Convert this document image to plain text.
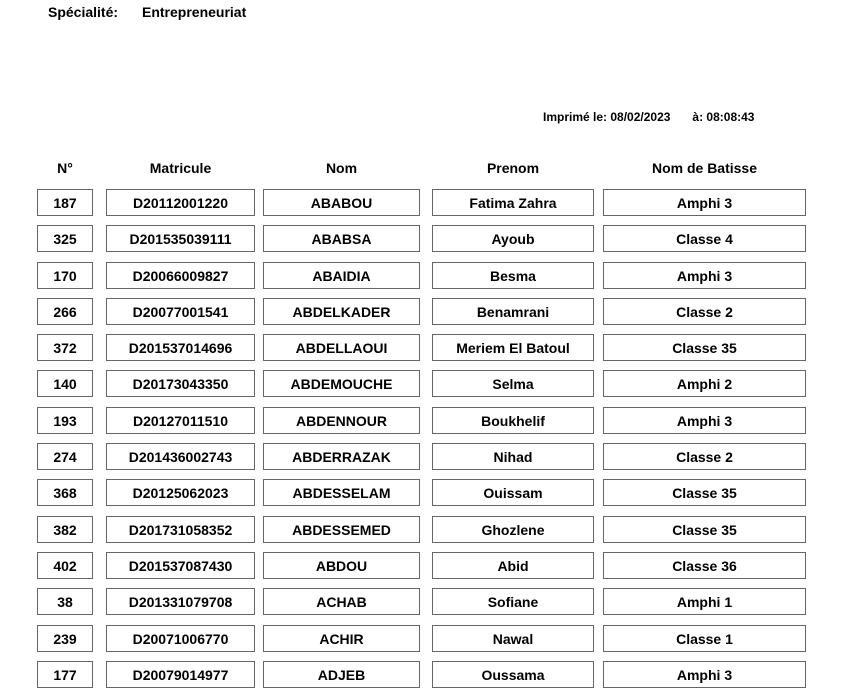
Spécialité: Entrepreneuriat
Imprimé le: 08/02/2023 à: 08:08:43
N°	Matricule	Nom	Prenom	Nom de Batisse
187	D20112001220	ABABOU	Fatima Zahra	Amphi 3
325	D201535039111	ABABSA	Ayoub	Classe 4
170	D20066009827	ABAIDIA	Besma	Amphi 3
266	D20077001541	ABDELKADER	Benamrani	Classe 2
372	D201537014696	ABDELLAOUI	Meriem El Batoul	Classe 35
140	D20173043350	ABDEMOUCHE	Selma	Amphi 2
193	D20127011510	ABDENNOUR	Boukhelif	Amphi 3
274	D201436002743	ABDERRAZAK	Nihad	Classe 2
368	D20125062023	ABDESSELAM	Ouissam	Classe 35
382	D201731058352	ABDESSEMED	Ghozlene	Classe 35
402	D201537087430	ABDOU	Abid	Classe 36
38	D201331079708	ACHAB	Sofiane	Amphi 1
239	D20071006770	ACHIR	Nawal	Classe 1
177	D20079014977	ADJEB	Oussama	Amphi 3
